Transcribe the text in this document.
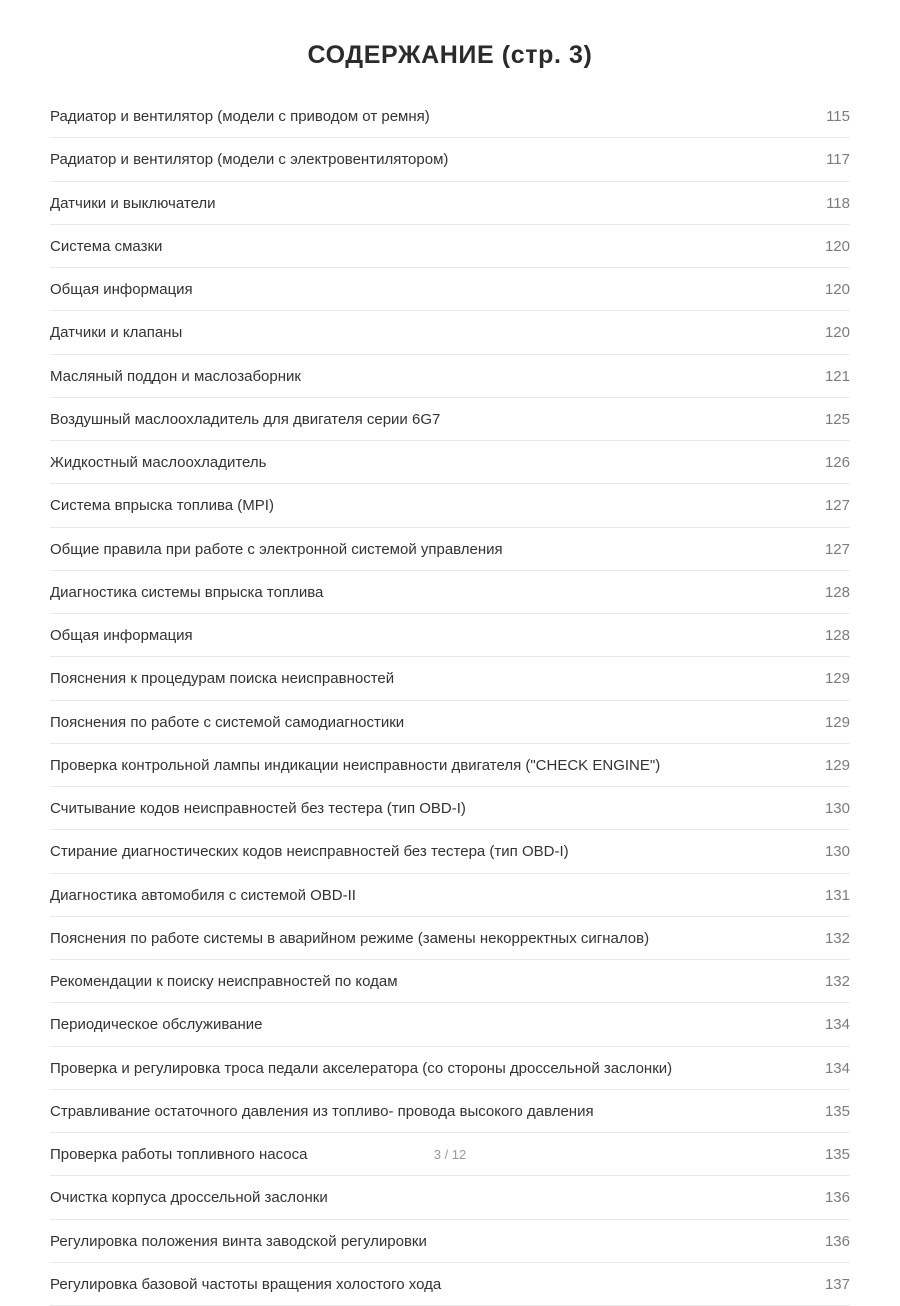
СОДЕРЖАНИЕ (стр. 3)
Радиатор и вентилятор (модели с приводом от ремня)	115
Радиатор и вентилятор (модели с электровентилятором)	117
Датчики и выключатели	118
Система смазки	120
Общая информация	120
Датчики и клапаны	120
Масляный поддон и маслозаборник	121
Воздушный маслоохладитель для двигателя серии 6G7	125
Жидкостный маслоохладитель	126
Система впрыска топлива (MPI)	127
Общие правила при работе с электронной системой управления	127
Диагностика системы впрыска топлива	128
Общая информация	128
Пояснения к процедурам поиска неисправностей	129
Пояснения по работе с системой самодиагностики	129
Проверка контрольной лампы индикации неисправности двигателя ("CHECK ENGINE")	129
Считывание кодов неисправностей без тестера (тип OBD-I)	130
Стирание диагностических кодов неисправностей без тестера (тип OBD-I)	130
Диагностика автомобиля с системой OBD-II	131
Пояснения по работе системы в аварийном режиме (замены некорректных сигналов)	132
Рекомендации к поиску неисправностей по кодам	132
Периодическое обслуживание	134
Проверка и регулировка троса педали акселератора (со стороны дроссельной заслонки)	134
Стравливание остаточного давления из топливо- провода высокого давления	135
Проверка работы топливного насоса	135
Очистка корпуса дроссельной заслонки	136
Регулировка положения винта заводской регулировки	136
Регулировка базовой частоты вращения холостого хода	137
3 / 12
